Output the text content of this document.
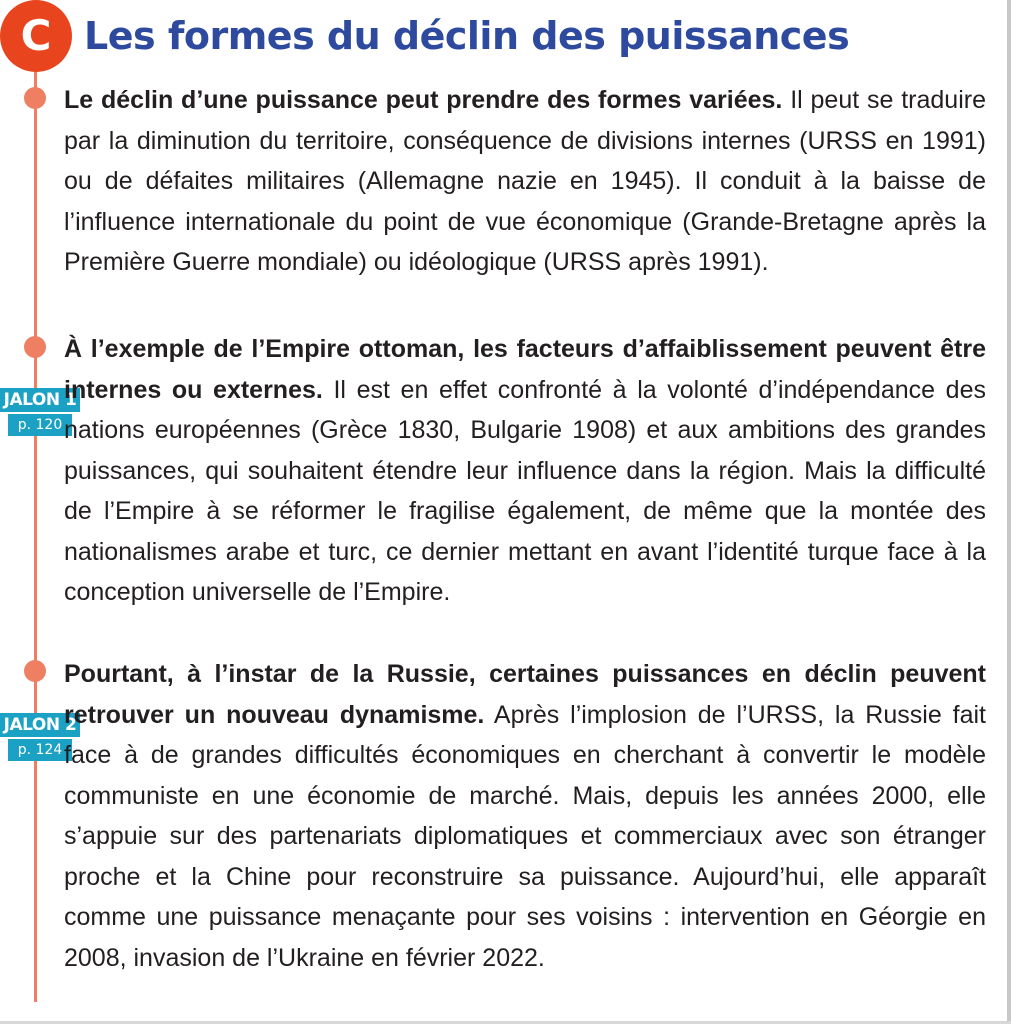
C Les formes du déclin des puissances

Le déclin d’une puissance peut prendre des formes variées. Il peut se traduire par la diminution du territoire, conséquence de divisions internes (URSS en 1991) ou de défaites militaires (Allemagne nazie en 1945). Il conduit à la baisse de l’influence internationale du point de vue économique (Grande-Bretagne après la Première Guerre mondiale) ou idéologique (URSS après 1991).

JALON 1
p. 120

À l’exemple de l’Empire ottoman, les facteurs d’affaiblissement peuvent être internes ou externes. Il est en effet confronté à la volonté d’indépendance des nations européennes (Grèce 1830, Bulgarie 1908) et aux ambitions des grandes puissances, qui souhaitent étendre leur influence dans la région. Mais la difficulté de l’Empire à se réformer le fragilise également, de même que la montée des nationalismes arabe et turc, ce dernier mettant en avant l’identité turque face à la conception universelle de l’Empire.

JALON 2
p. 124

Pourtant, à l’instar de la Russie, certaines puissances en déclin peuvent retrouver un nouveau dynamisme. Après l’implosion de l’URSS, la Russie fait face à de grandes difficultés économiques en cherchant à convertir le modèle communiste en une économie de marché. Mais, depuis les années 2000, elle s’appuie sur des partenariats diplomatiques et commerciaux avec son étranger proche et la Chine pour reconstruire sa puissance. Aujourd’hui, elle apparaît comme une puissance menaçante pour ses voisins : intervention en Géorgie en 2008, invasion de l’Ukraine en février 2022.
